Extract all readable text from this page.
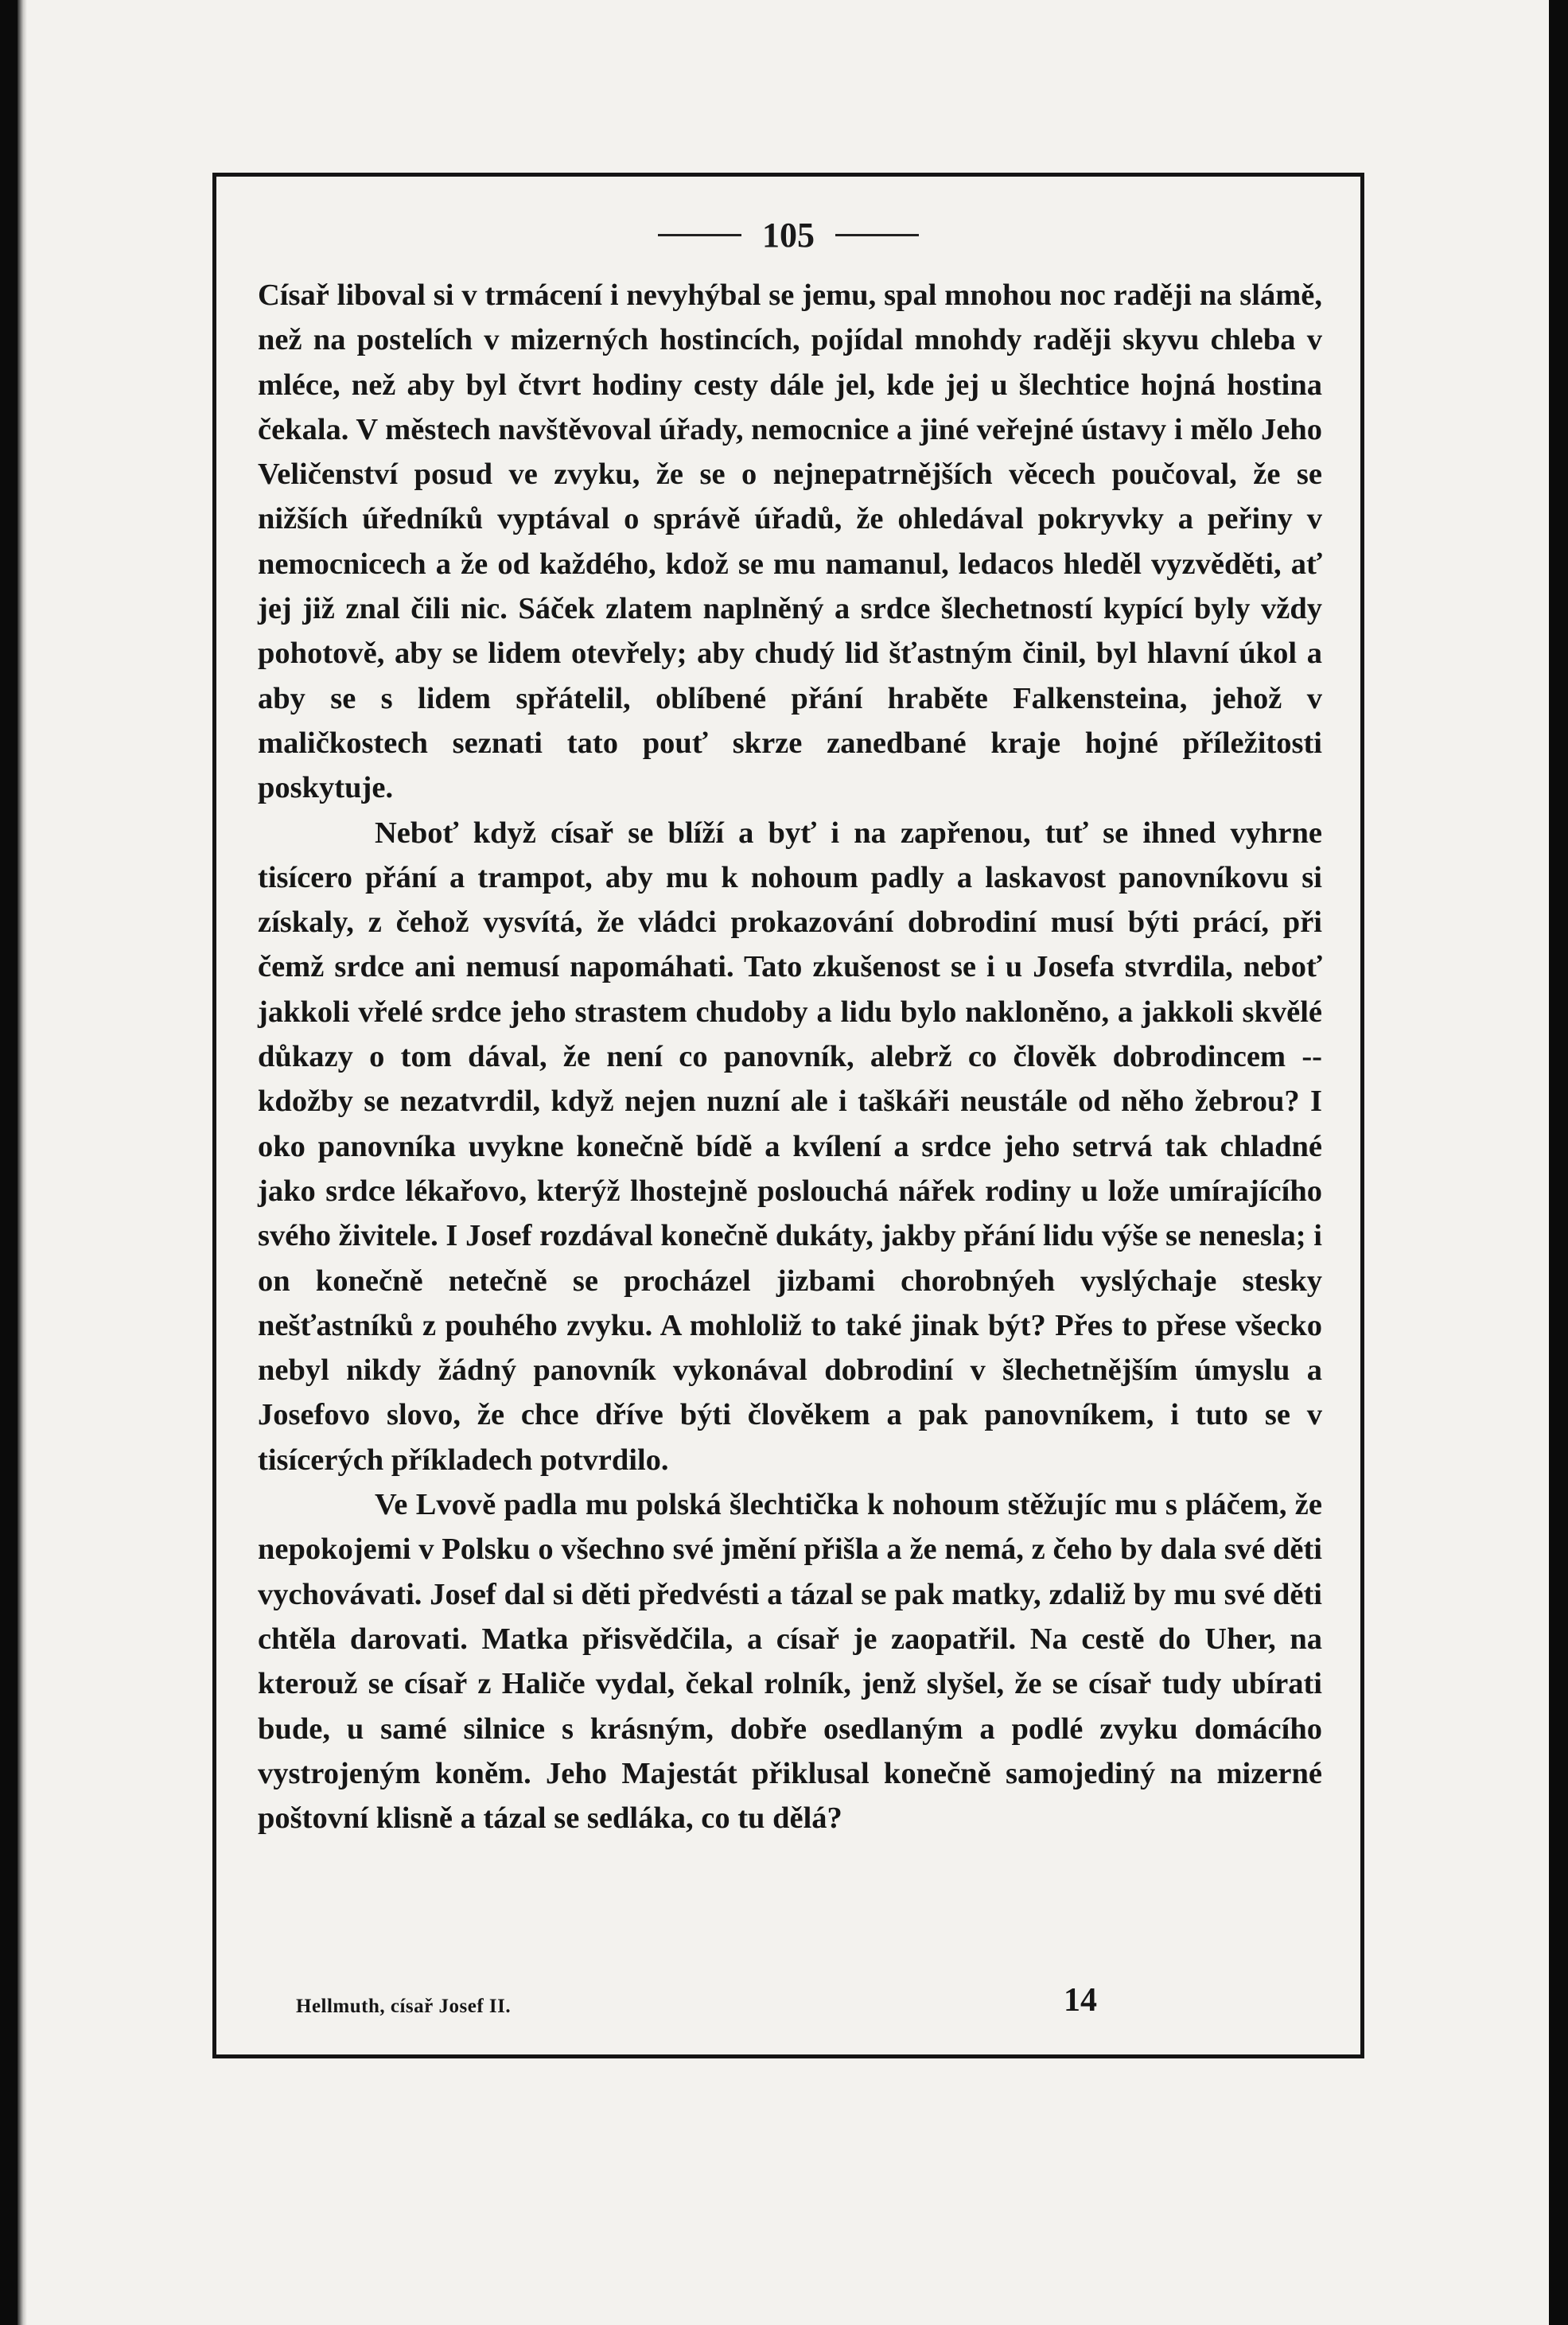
105

Císař liboval si v trmácení i nevyhýbal se jemu, spal mnohou noc raději na slámě, než na postelích v mizerných hostincích, pojídal mnohdy raději skyvu chleba v mléce, než aby byl čtvrt hodiny cesty dále jel, kde jej u šlechtice hojná hostina čekala. V městech navštěvoval úřady, nemocnice a jiné veřejné ústavy i mělo Jeho Veličenství posud ve zvyku, že se o nejnepatrnějších věcech poučoval, že se nižších úředníků vyptával o správě úřadů, že ohledával pokryvky a peřiny v nemocnicech a že od každého, kdož se mu namanul, ledacos hleděl vyzvěděti, ať jej již znal čili nic. Sáček zlatem naplněný a srdce šlechetností kypící byly vždy pohotově, aby se lidem otevřely; aby chudý lid šťastným činil, byl hlavní úkol a aby se s lidem spřátelil, oblíbené přání hraběte Falkensteina, jehož v maličkostech seznati tato pouť skrze zanedbané kraje hojné příležitosti poskytuje.

Neboť když císař se blíží a byť i na zapřenou, tuť se ihned vyhrne tisícero přání a trampot, aby mu k nohoum padly a laskavost panovníkovu si získaly, z čehož vysvítá, že vládci prokazování dobrodiní musí býti prácí, při čemž srdce ani nemusí napomáhati. Tato zkušenost se i u Josefa stvrdila, neboť jakkoli vřelé srdce jeho strastem chudoby a lidu bylo nakloněno, a jakkoli skvělé důkazy o tom dával, že není co panovník, alebrž co člověk dobrodincem -- kdožby se nezatvrdil, když nejen nuzní ale i taškáři neustále od něho žebrou? I oko panovníka uvykne konečně bídě a kvílení a srdce jeho setrvá tak chladné jako srdce lékařovo, kterýž lhostejně poslouchá nářek rodiny u lože umírajícího svého živitele. I Josef rozdával konečně dukáty, jakby přání lidu výše se nenesla; i on konečně netečně se procházel jizbami chorobnýeh vyslýchaje stesky nešťastníků z pouhého zvyku. A mohloliž to také jinak být? Přes to přese všecko nebyl nikdy žádný panovník vykonával dobrodiní v šlechetnějším úmyslu a Josefovo slovo, že chce dříve býti člověkem a pak panovníkem, i tuto se v tisícerých příkladech potvrdilo.

Ve Lvově padla mu polská šlechtička k nohoum stěžujíc mu s pláčem, že nepokojemi v Polsku o všechno své jmění přišla a že nemá, z čeho by dala své děti vychovávati. Josef dal si děti předvésti a tázal se pak matky, zdaliž by mu své děti chtěla darovati. Matka přisvědčila, a císař je zaopatřil. Na cestě do Uher, na kterouž se císař z Haliče vydal, čekal rolník, jenž slyšel, že se císař tudy ubírati bude, u samé silnice s krásným, dobře osedlaným a podlé zvyku domácího vystrojeným koněm. Jeho Majestát přiklusal konečně samojediný na mizerné poštovní klisně a tázal se sedláka, co tu dělá?

Hellmuth, císař Josef II.	14
